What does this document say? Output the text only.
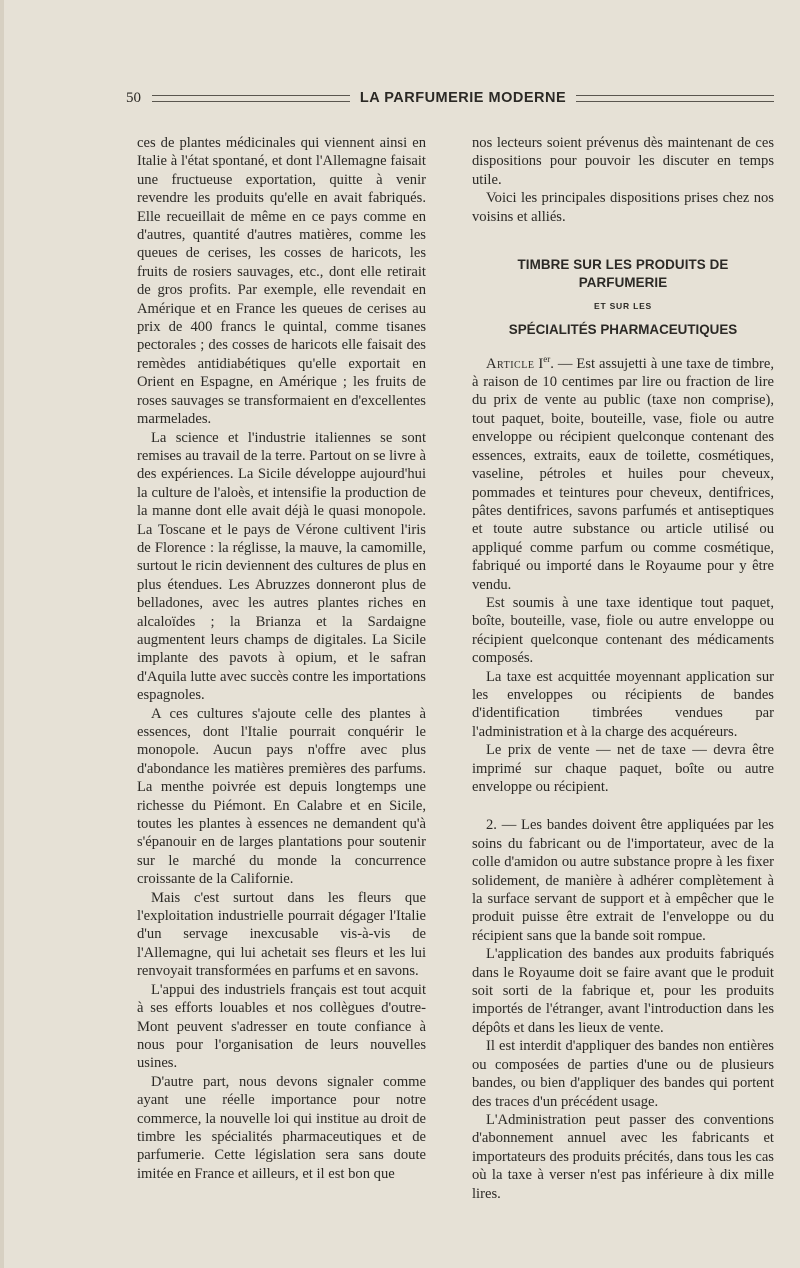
50	LA PARFUMERIE MODERNE

ces de plantes médicinales qui viennent ainsi en Italie à l'état spontané, et dont l'Allemagne faisait une fructueuse exportation, quitte à venir revendre les produits qu'elle en avait fabriqués. Elle recueillait de même en ce pays comme en d'autres, quantité d'autres matières, comme les queues de cerises, les cosses de haricots, les fruits de rosiers sauvages, etc., dont elle retirait de gros profits. Par exemple, elle revendait en Amérique et en France les queues de cerises au prix de 400 francs le quintal, comme tisanes pectorales ; des cosses de haricots elle faisait des remèdes antidiabétiques qu'elle exportait en Orient en Espagne, en Amérique ; les fruits de roses sauvages se transformaient en d'excellentes marmelades.

La science et l'industrie italiennes se sont remises au travail de la terre. Partout on se livre à des expériences. La Sicile développe aujourd'hui la culture de l'aloès, et intensifie la production de la manne dont elle avait déjà le quasi monopole. La Toscane et le pays de Vérone cultivent l'iris de Florence : la réglisse, la mauve, la camomille, surtout le ricin deviennent des cultures de plus en plus étendues. Les Abruzzes donneront plus de belladones, avec les autres plantes riches en alcaloïdes ; la Brianza et la Sardaigne augmentent leurs champs de digitales. La Sicile implante des pavots à opium, et le safran d'Aquila lutte avec succès contre les importations espagnoles.

A ces cultures s'ajoute celle des plantes à essences, dont l'Italie pourrait conquérir le monopole. Aucun pays n'offre avec plus d'abondance les matières premières des parfums. La menthe poivrée est depuis longtemps une richesse du Piémont. En Calabre et en Sicile, toutes les plantes à essences ne demandent qu'à s'épanouir en de larges plantations pour soutenir sur le marché du monde la concurrence croissante de la Californie.

Mais c'est surtout dans les fleurs que l'exploitation industrielle pourrait dégager l'Italie d'un servage inexcusable vis-à-vis de l'Allemagne, qui lui achetait ses fleurs et les lui renvoyait transformées en parfums et en savons.

L'appui des industriels français est tout acquit à ses efforts louables et nos collègues d'outre-Mont peuvent s'adresser en toute confiance à nous pour l'organisation de leurs nouvelles usines.

D'autre part, nous devons signaler comme ayant une réelle importance pour notre commerce, la nouvelle loi qui institue au droit de timbre les spécialités pharmaceutiques et de parfumerie. Cette législation sera sans doute imitée en France et ailleurs, et il est bon que

nos lecteurs soient prévenus dès maintenant de ces dispositions pour pouvoir les discuter en temps utile.

Voici les principales dispositions prises chez nos voisins et alliés.

TIMBRE SUR LES PRODUITS DE PARFUMERIE
ET SUR LES
SPÉCIALITÉS PHARMACEUTIQUES

Article Ier. — Est assujetti à une taxe de timbre, à raison de 10 centimes par lire ou fraction de lire du prix de vente au public (taxe non comprise), tout paquet, boite, bouteille, vase, fiole ou autre enveloppe ou récipient quelconque contenant des essences, extraits, eaux de toilette, cosmétiques, vaseline, pétroles et huiles pour cheveux, pommades et teintures pour cheveux, dentifrices, pâtes dentifrices, savons parfumés et antiseptiques et toute autre substance ou article utilisé ou appliqué comme parfum ou comme cosmétique, fabriqué ou importé dans le Royaume pour y être vendu.

Est soumis à une taxe identique tout paquet, boîte, bouteille, vase, fiole ou autre enveloppe ou récipient quelconque contenant des médicaments composés.

La taxe est acquittée moyennant application sur les enveloppes ou récipients de bandes d'identification timbrées vendues par l'administration et à la charge des acquéreurs.

Le prix de vente — net de taxe — devra être imprimé sur chaque paquet, boîte ou autre enveloppe ou récipient.

2. — Les bandes doivent être appliquées par les soins du fabricant ou de l'importateur, avec de la colle d'amidon ou autre substance propre à les fixer solidement, de manière à adhérer complètement à la surface servant de support et à empêcher que le produit puisse être extrait de l'enveloppe ou du récipient sans que la bande soit rompue.

L'application des bandes aux produits fabriqués dans le Royaume doit se faire avant que le produit soit sorti de la fabrique et, pour les produits importés de l'étranger, avant l'introduction dans les dépôts et dans les lieux de vente.

Il est interdit d'appliquer des bandes non entières ou composées de parties d'une ou de plusieurs bandes, ou bien d'appliquer des bandes qui portent des traces d'un précédent usage.

L'Administration peut passer des conventions d'abonnement annuel avec les fabricants et importateurs des produits précités, dans tous les cas où la taxe à verser n'est pas inférieure à dix mille lires.
